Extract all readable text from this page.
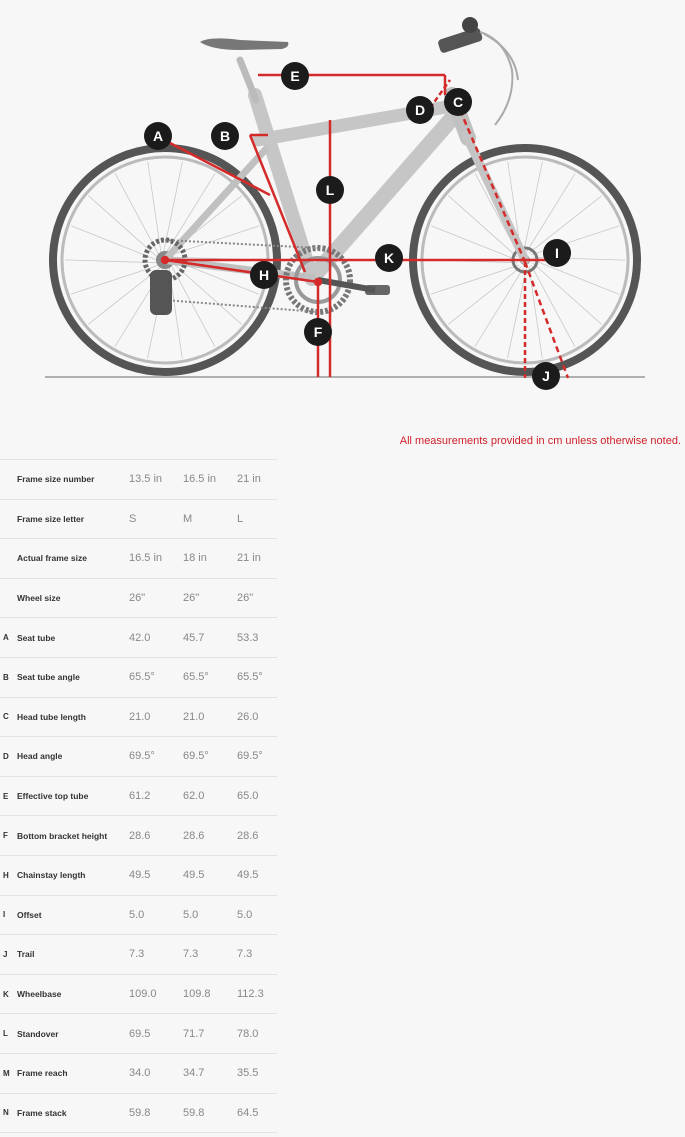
A	B
C
D
E
F
H
I
J
K
L
All measurements provided in cm unless otherwise noted.
	Frame size number	13.5 in	16.5 in	21 in
	Frame size letter	S	M	L
	Actual frame size	16.5 in	18 in	21 in
	Wheel size	26"	26"	26"
A	Seat tube	42.0	45.7	53.3
B	Seat tube angle	65.5°	65.5°	65.5°
C	Head tube length	21.0	21.0	26.0
D	Head angle	69.5°	69.5°	69.5°
E	Effective top tube	61.2	62.0	65.0
F	Bottom bracket height	28.6	28.6	28.6
H	Chainstay length	49.5	49.5	49.5
I	Offset	5.0	5.0	5.0
J	Trail	7.3	7.3	7.3
K	Wheelbase	109.0	109.8	112.3
L	Standover	69.5	71.7	78.0
M	Frame reach	34.0	34.7	35.5
N	Frame stack	59.8	59.8	64.5
